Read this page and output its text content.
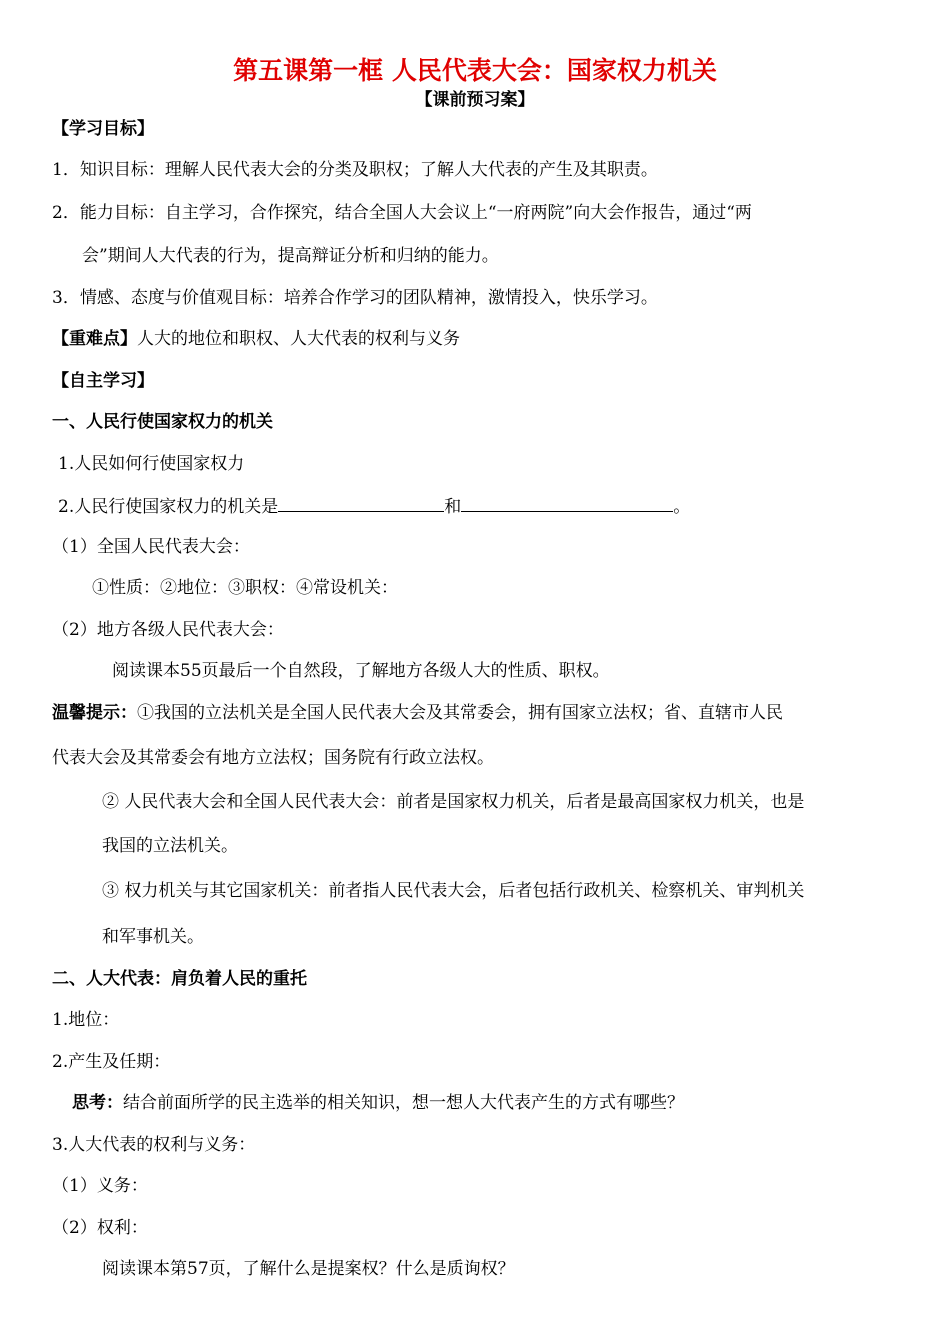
第五课第一框 人民代表大会：国家权力机关
【课前预习案】
【学习目标】
1．知识目标：理解人民代表大会的分类及职权；了解人大代表的产生及其职责。
2．能力目标：自主学习，合作探究，结合全国人大会议上“一府两院”向大会作报告，通过“两
会”期间人大代表的行为，提高辩证分析和归纳的能力。
3．情感、态度与价值观目标：培养合作学习的团队精神，激情投入，快乐学习。
【重难点】人大的地位和职权、人大代表的权利与义务
【自主学习】
一、人民行使国家权力的机关
1.人民如何行使国家权力
2.人民行使国家权力的机关是	和	。
（1）全国人民代表大会：
①性质：②地位：③职权：④常设机关：
（2）地方各级人民代表大会：
阅读课本55页最后一个自然段，了解地方各级人大的性质、职权。
温馨提示：①我国的立法机关是全国人民代表大会及其常委会，拥有国家立法权；省、直辖市人民
代表大会及其常委会有地方立法权；国务院有行政立法权。
② 人民代表大会和全国人民代表大会：前者是国家权力机关，后者是最高国家权力机关，也是
我国的立法机关。
③ 权力机关与其它国家机关：前者指人民代表大会，后者包括行政机关、检察机关、审判机关
和军事机关。
二、人大代表：肩负着人民的重托
1.地位：
2.产生及任期：
思考：结合前面所学的民主选举的相关知识，想一想人大代表产生的方式有哪些？
3.人大代表的权利与义务：
（1）义务：
（2）权利：
阅读课本第57页，了解什么是提案权？什么是质询权？
